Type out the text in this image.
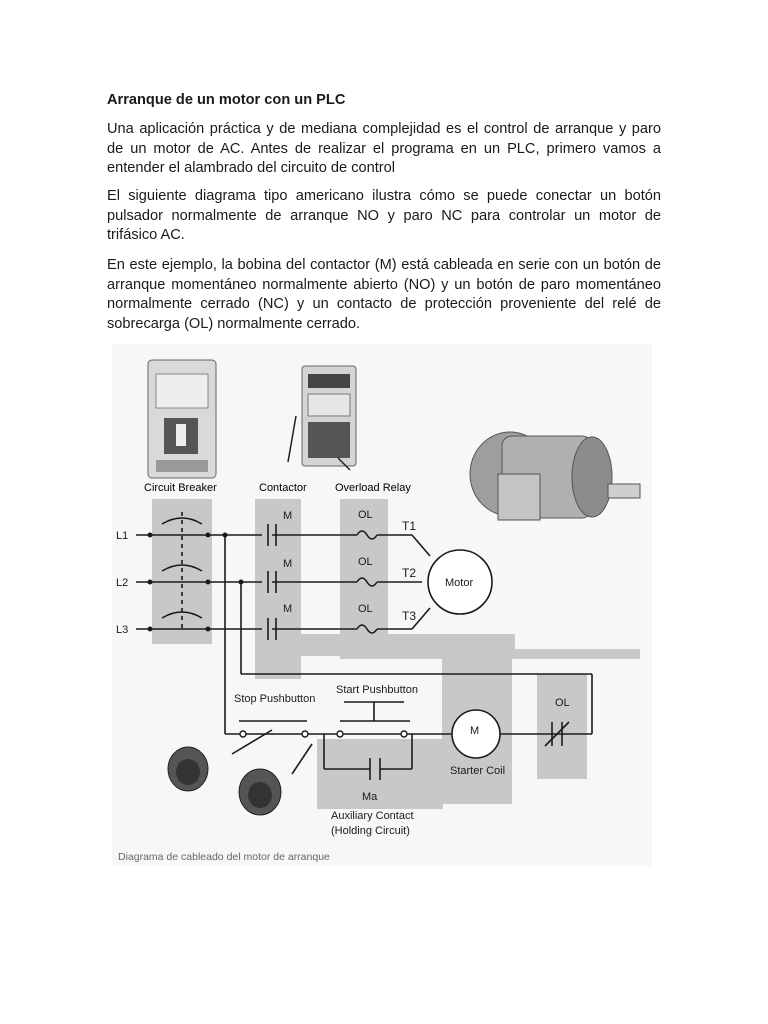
Arranque de un motor con un PLC

Una aplicación práctica y de mediana complejidad es el control de arranque y paro de un motor de AC. Antes de realizar el programa en un PLC, primero vamos a entender el alambrado del circuito de control

El siguiente diagrama tipo americano ilustra cómo se puede conectar un botón pulsador normalmente de arranque NO y paro NC para controlar un motor de trifásico AC.

En este ejemplo, la bobina del contactor (M) está cableada en serie con un botón de arranque momentáneo normalmente abierto (NO) y un botón de paro momentáneo normalmente cerrado (NC) y un contacto de protección proveniente del relé de sobrecarga (OL) normalmente cerrado.

Circuit Breaker	Contactor	Overload Relay
L1
L2
L3
M
M
M
OL
OL
OL
T1
T2
T3
Motor
Stop Pushbutton
Start Pushbutton
M
Starter Coil
OL
Ma
Auxiliary Contact
(Holding Circuit)
Diagrama de cableado del motor de arranque
